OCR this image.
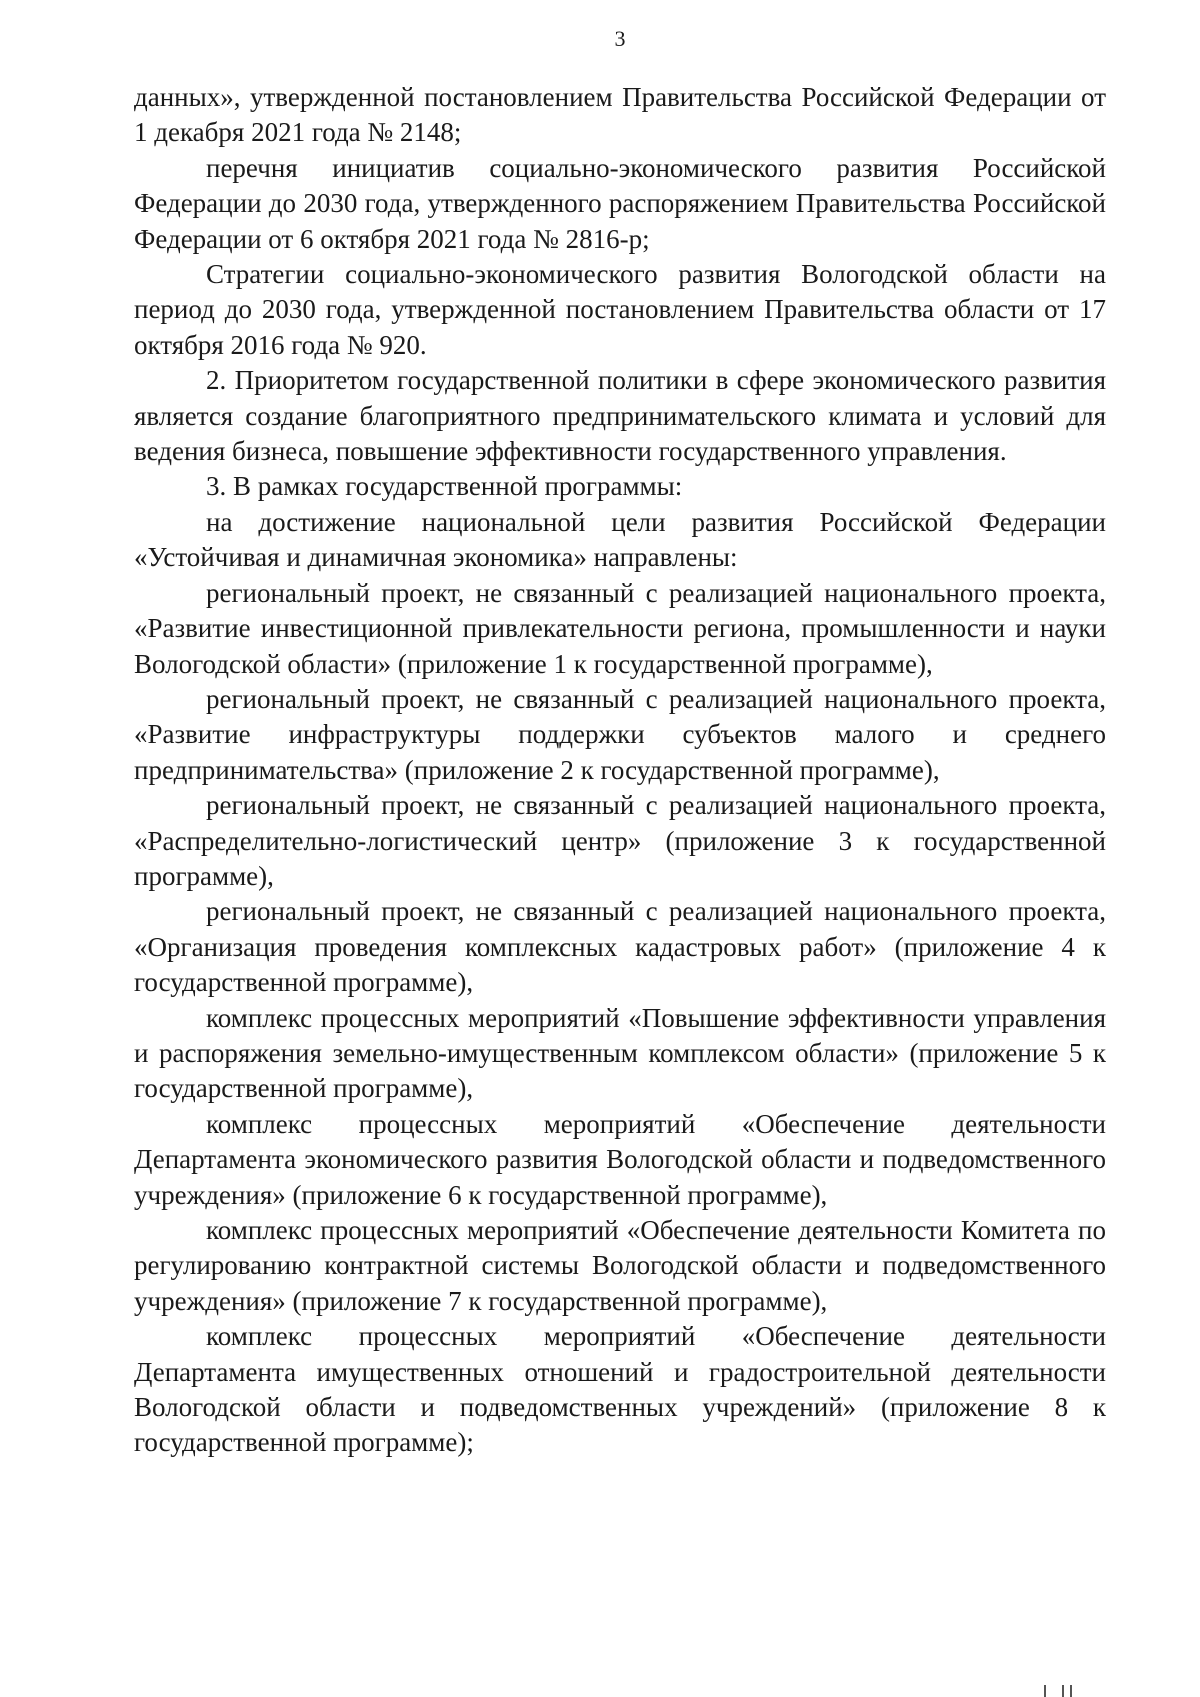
3

данных», утвержденной постановлением Правительства Российской Федерации от 1 декабря 2021 года № 2148;

перечня инициатив социально-экономического развития Российской Федерации до 2030 года, утвержденного распоряжением Правительства Российской Федерации от 6 октября 2021 года № 2816-р;

Стратегии социально-экономического развития Вологодской области на период до 2030 года, утвержденной постановлением Правительства области от 17 октября 2016 года № 920.

2. Приоритетом государственной политики в сфере экономического развития является создание благоприятного предпринимательского климата и условий для ведения бизнеса, повышение эффективности государственного управления.

3. В рамках государственной программы:

на достижение национальной цели развития Российской Федерации «Устойчивая и динамичная экономика» направлены:

региональный проект, не связанный с реализацией национального проекта, «Развитие инвестиционной привлекательности региона, промышленности и науки Вологодской области» (приложение 1 к государственной программе),

региональный проект, не связанный с реализацией национального проекта, «Развитие инфраструктуры поддержки субъектов малого и среднего предпринимательства» (приложение 2 к государственной программе),

региональный проект, не связанный с реализацией национального проекта, «Распределительно-логистический центр» (приложение 3 к государственной программе),

региональный проект, не связанный с реализацией национального проекта, «Организация проведения комплексных кадастровых работ» (приложение 4 к государственной программе),

комплекс процессных мероприятий «Повышение эффективности управления и распоряжения земельно-имущественным комплексом области» (приложение 5 к государственной программе),

комплекс процессных мероприятий «Обеспечение деятельности Департамента экономического развития Вологодской области и подведомственного учреждения» (приложение 6 к государственной программе),

комплекс процессных мероприятий «Обеспечение деятельности Комитета по регулированию контрактной системы Вологодской области и подведомственного учреждения» (приложение 7 к государственной программе),

комплекс процессных мероприятий «Обеспечение деятельности Департамента имущественных отношений и градостроительной деятельности Вологодской области и подведомственных учреждений» (приложение 8 к государственной программе);
